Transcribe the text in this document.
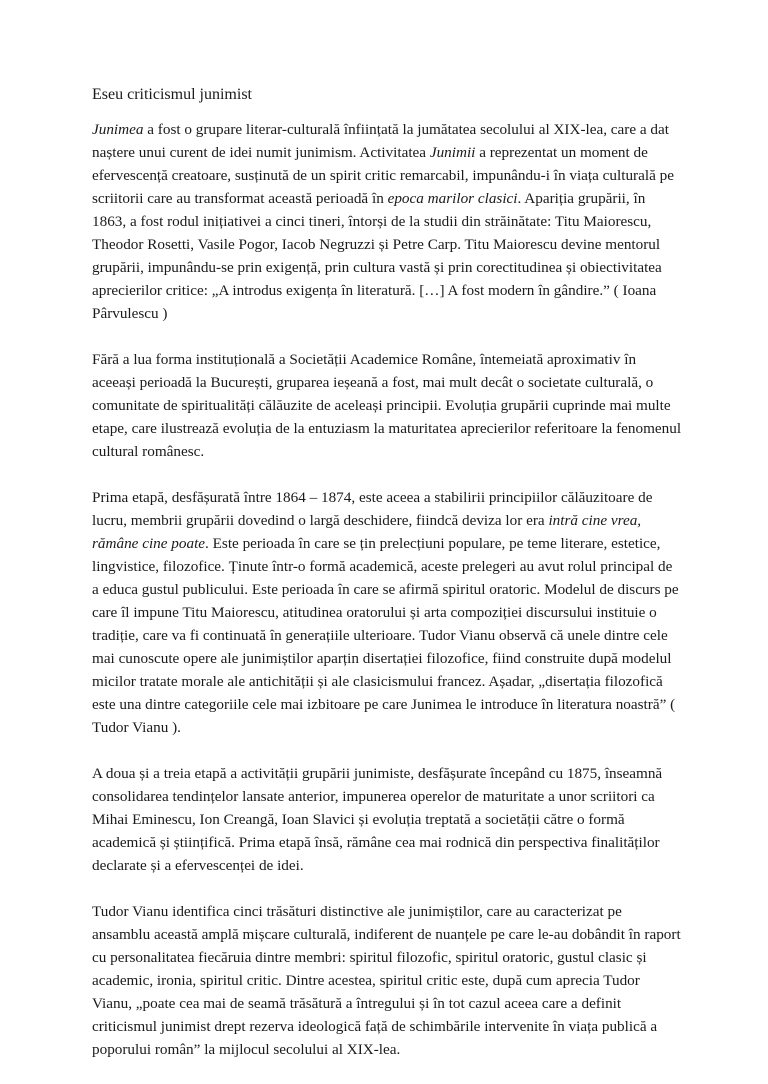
Eseu criticismul junimist

Junimea a fost o grupare literar-culturală înființată la jumătatea secolului al XIX-lea, care a dat naștere unui curent de idei numit junimism. Activitatea Junimii a reprezentat un moment de efervescență creatoare, susținută de un spirit critic remarcabil, impunându-i în viața culturală pe scriitorii care au transformat această perioadă în epoca marilor clasici. Apariția grupării, în 1863, a fost rodul inițiativei a cinci tineri, întorși de la studii din străinătate: Titu Maiorescu, Theodor Rosetti, Vasile Pogor, Iacob Negruzzi și Petre Carp. Titu Maiorescu devine mentorul grupării, impunându-se prin exigență, prin cultura vastă și prin corectitudinea și obiectivitatea aprecierilor critice: „A introdus exigența în literatură. […] A fost modern în gândire.” ( Ioana Pârvulescu )

Fără a lua forma instituțională a Societății Academice Române, întemeiată aproximativ în aceeași perioadă la București, gruparea ieșeană a fost, mai mult decât o societate culturală, o comunitate de spiritualități călăuzite de aceleași principii. Evoluția grupării cuprinde mai multe etape, care ilustrează evoluția de la entuziasm la maturitatea aprecierilor referitoare la fenomenul cultural românesc.

Prima etapă, desfășurată între 1864 – 1874, este aceea a stabilirii principiilor călăuzitoare de lucru, membrii grupării dovedind o largă deschidere, fiindcă deviza lor era intră cine vrea, rămâne cine poate. Este perioada în care se țin prelecțiuni populare, pe teme literare, estetice, lingvistice, filozofice. Ținute într-o formă academică, aceste prelegeri au avut rolul principal de a educa gustul publicului. Este perioada în care se afirmă spiritul oratoric. Modelul de discurs pe care îl impune Titu Maiorescu, atitudinea oratorului și arta compoziției discursului instituie o tradiție, care va fi continuată în generațiile ulterioare. Tudor Vianu observă că unele dintre cele mai cunoscute opere ale junimiștilor aparțin disertației filozofice, fiind construite după modelul micilor tratate morale ale antichității și ale clasicismului francez. Așadar, „disertația filozofică este una dintre categoriile cele mai izbitoare pe care Junimea le introduce în literatura noastră” ( Tudor Vianu ).

A doua și a treia etapă a activității grupării junimiste, desfășurate începând cu 1875, înseamnă consolidarea tendințelor lansate anterior, impunerea operelor de maturitate a unor scriitori ca Mihai Eminescu, Ion Creangă, Ioan Slavici și evoluția treptată a societății către o formă academică și științifică. Prima etapă însă, rămâne cea mai rodnică din perspectiva finalităților declarate și a efervescenței de idei.

Tudor Vianu identifica cinci trăsături distinctive ale junimiștilor, care au caracterizat pe ansamblu această amplă mișcare culturală, indiferent de nuanțele pe care le-au dobândit în raport cu personalitatea fiecăruia dintre membri: spiritul filozofic, spiritul oratoric, gustul clasic și academic, ironia, spiritul critic. Dintre acestea, spiritul critic este, după cum aprecia Tudor Vianu, „poate cea mai de seamă trăsătură a întregului și în tot cazul aceea care a definit criticismul junimist drept rezerva ideologică față de schimbările intervenite în viața publică a poporului român” la mijlocul secolului al XIX-lea.
